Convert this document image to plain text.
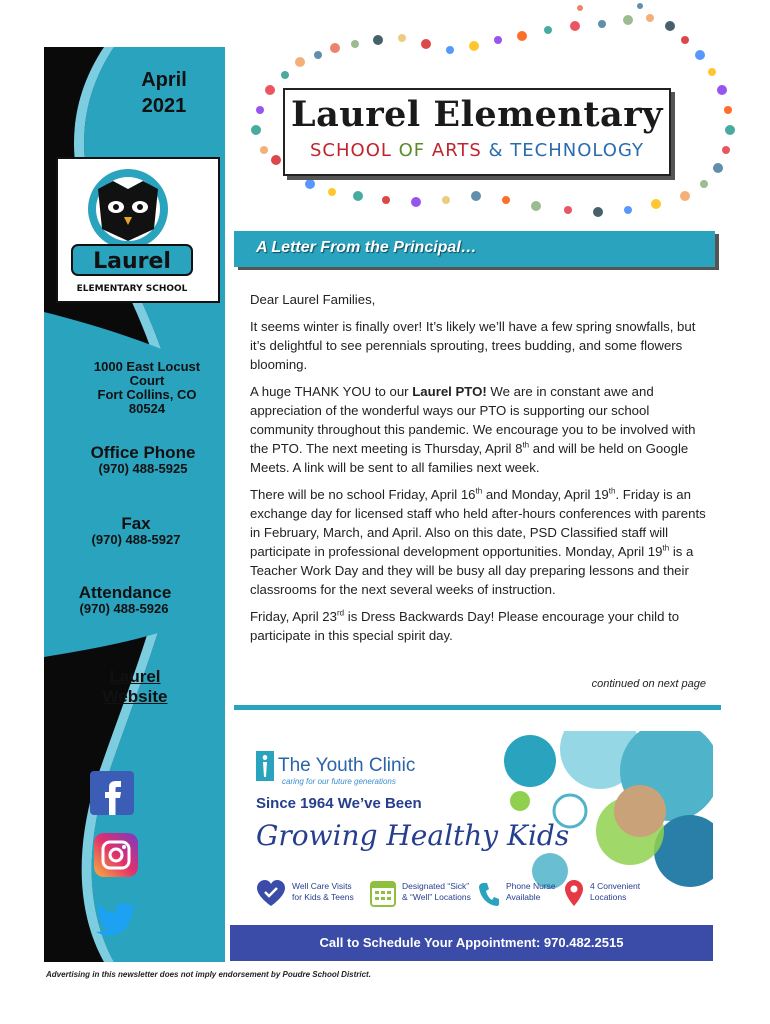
April
2021
Laurel
ELEMENTARY SCHOOL
1000 East Locust
Court
Fort Collins, CO
80524
Office Phone
(970) 488-5925
Fax
(970) 488-5927
Attendance
(970) 488-5926
Laurel
Website
Laurel Elementary
SCHOOL OF ARTS & TECHNOLOGY
A Letter From the Principal…

Dear Laurel Families,

It seems winter is finally over! It’s likely we’ll have a few spring snowfalls, but it’s delightful to see perennials sprouting, trees budding, and some flowers blooming.

A huge THANK YOU to our Laurel PTO! We are in constant awe and appreciation of the wonderful ways our PTO is supporting our school community throughout this pandemic. We encourage you to be involved with the PTO. The next meeting is Thursday, April 8th and will be held on Google Meets. A link will be sent to all families next week.

There will be no school Friday, April 16th and Monday, April 19th. Friday is an exchange day for licensed staff who held after-hours conferences with parents in February, March, and April. Also on this date, PSD Classified staff will participate in professional development opportunities. Monday, April 19th is a Teacher Work Day and they will be busy all day preparing lessons and their classrooms for the next several weeks of instruction.

Friday, April 23rd is Dress Backwards Day! Please encourage your child to participate in this special spirit day.

continued on next page
The Youth Clinic
caring for our future generations
Since 1964 We’ve Been
Growing Healthy Kids
Well Care Visits
for Kids & Teens
Designated “Sick”
& “Well” Locations
Phone Nurse
Available
4 Convenient
Locations
Call to Schedule Your Appointment: 970.482.2515
Advertising in this newsletter does not imply endorsement by Poudre School District.
